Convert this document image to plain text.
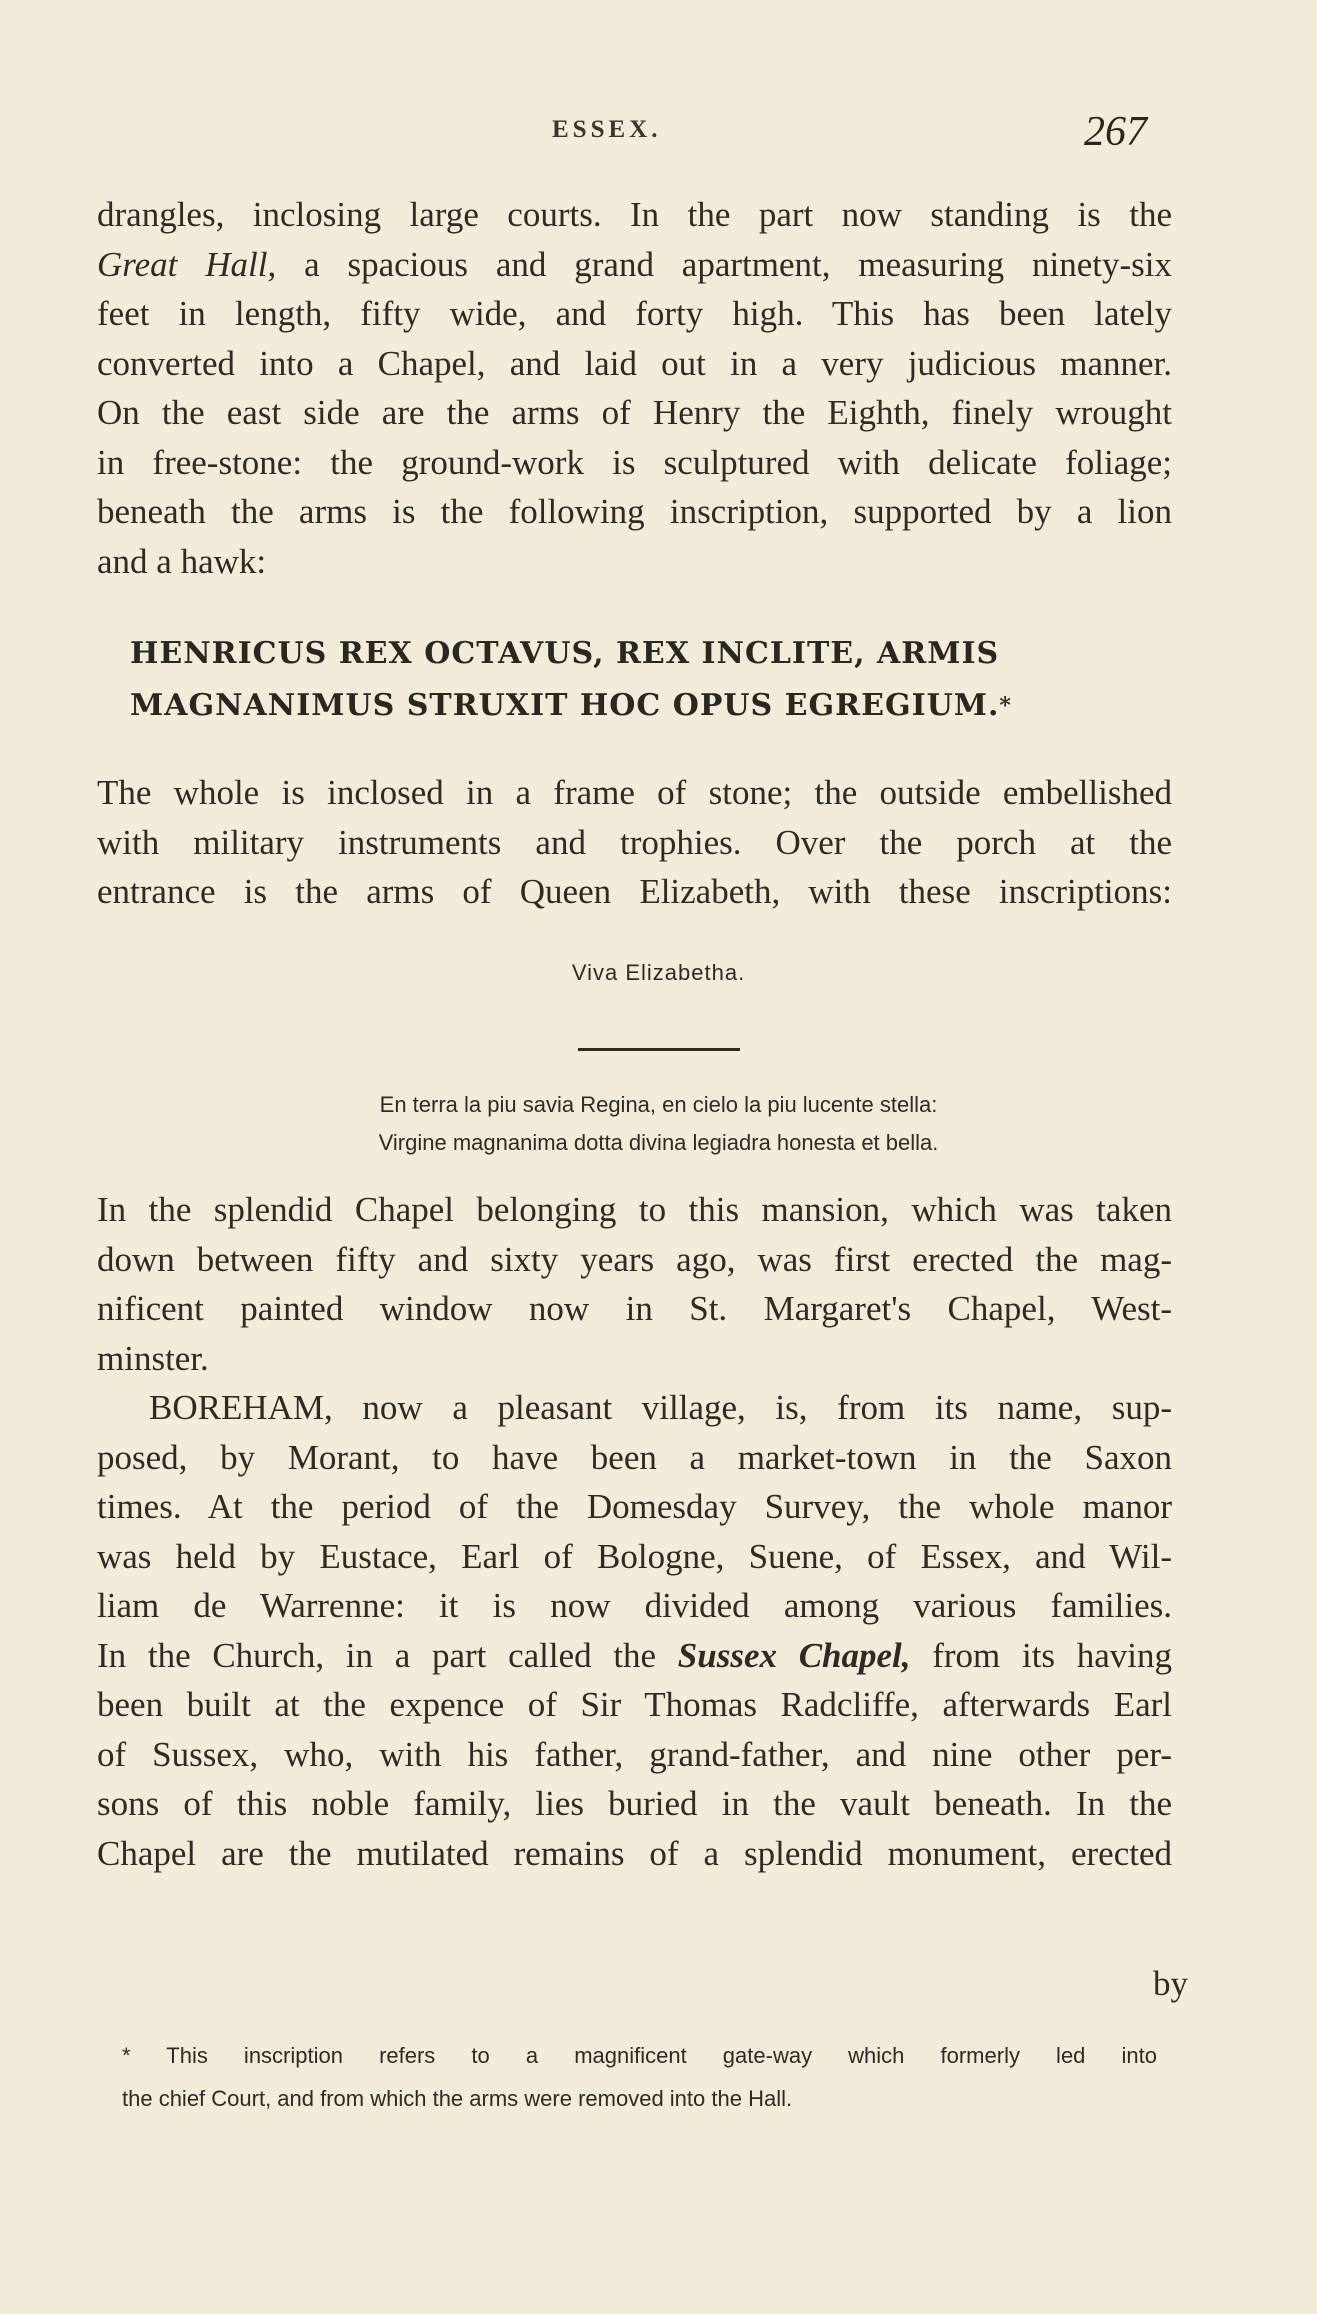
ESSEX.	267
drangles, inclosing large courts. In the part now standing is the
Great Hall, a spacious and grand apartment, measuring ninety-six
feet in length, fifty wide, and forty high. This has been lately
converted into a Chapel, and laid out in a very judicious manner.
On the east side are the arms of Henry the Eighth, finely wrought
in free-stone: the ground-work is sculptured with delicate foliage;
beneath the arms is the following inscription, supported by a lion
and a hawk:
HENRICUS REX OCTAVUS, REX INCLITE, ARMIS
MAGNANIMUS STRUXIT HOC OPUS EGREGIUM.*
The whole is inclosed in a frame of stone; the outside embellished
with military instruments and trophies. Over the porch at the
entrance is the arms of Queen Elizabeth, with these inscriptions:
Viva Elizabetha.
En terra la piu savia Regina, en cielo la piu lucente stella:
Virgine magnanima dotta divina legiadra honesta et bella.
In the splendid Chapel belonging to this mansion, which was taken
down between fifty and sixty years ago, was first erected the mag-
nificent painted window now in St. Margaret's Chapel, West-
minster.
BOREHAM, now a pleasant village, is, from its name, sup-
posed, by Morant, to have been a market-town in the Saxon
times. At the period of the Domesday Survey, the whole manor
was held by Eustace, Earl of Bologne, Suene, of Essex, and Wil-
liam de Warrenne: it is now divided among various families.
In the Church, in a part called the Sussex Chapel, from its having
been built at the expence of Sir Thomas Radcliffe, afterwards Earl
of Sussex, who, with his father, grand-father, and nine other per-
sons of this noble family, lies buried in the vault beneath. In the
Chapel are the mutilated remains of a splendid monument, erected
by
* This inscription refers to a magnificent gate-way which formerly led into
the chief Court, and from which the arms were removed into the Hall.
